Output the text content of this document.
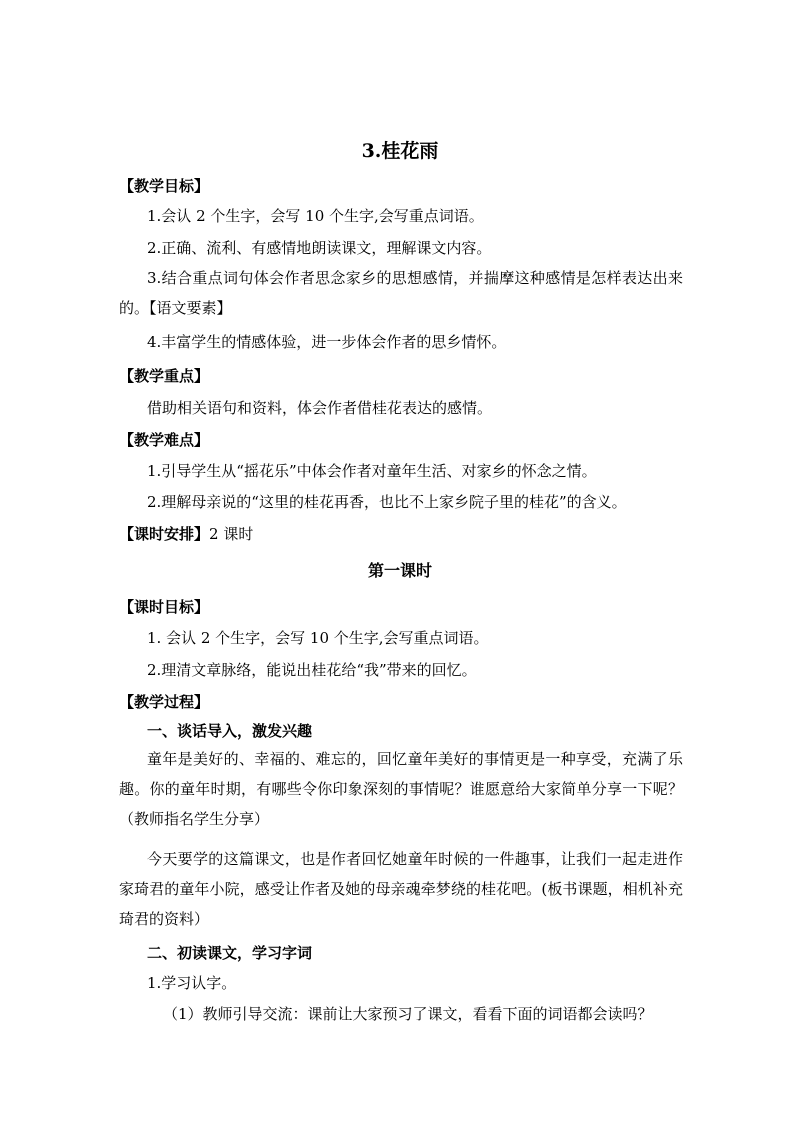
3.桂花雨
【教学目标】
1.会认 2 个生字，会写 10 个生字,会写重点词语。
2.正确、流利、有感情地朗读课文，理解课文内容。

3.结合重点词句体会作者思念家乡的思想感情，并揣摩这种感情是怎样表达出来的。【语文要素】

4.丰富学生的情感体验，进一步体会作者的思乡情怀。
【教学重点】
借助相关语句和资料，体会作者借桂花表达的感情。
【教学难点】
1.引导学生从“摇花乐”中体会作者对童年生活、对家乡的怀念之情。
2.理解母亲说的“这里的桂花再香，也比不上家乡院子里的桂花”的含义。
【课时安排】2 课时
第一课时
【课时目标】
1. 会认 2 个生字，会写 10 个生字,会写重点词语。
2.理清文章脉络，能说出桂花给“我”带来的回忆。
【教学过程】
一、谈话导入，激发兴趣

童年是美好的、幸福的、难忘的，回忆童年美好的事情更是一种享受，充满了乐趣。你的童年时期，有哪些令你印象深刻的事情呢？谁愿意给大家简单分享一下呢？（教师指名学生分享）

今天要学的这篇课文，也是作者回忆她童年时候的一件趣事，让我们一起走进作家琦君的童年小院，感受让作者及她的母亲魂牵梦绕的桂花吧。(板书课题，相机补充琦君的资料）

二、初读课文，学习字词
1.学习认字。
（1）教师引导交流：课前让大家预习了课文，看看下面的词语都会读吗？
